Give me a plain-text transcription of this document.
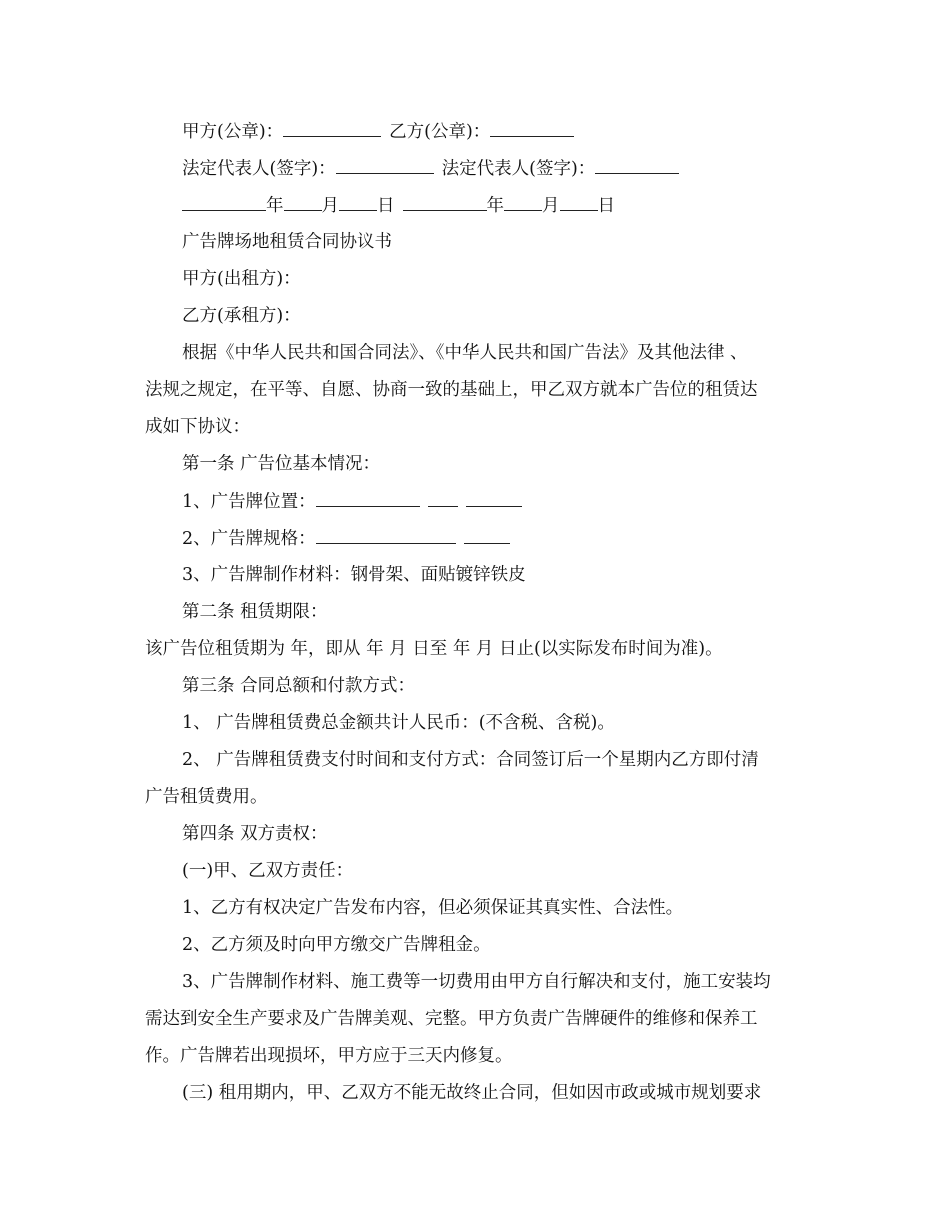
甲方(公章)：	乙方(公章)：
法定代表人(签字)：	法定代表人(签字)：
年 月 日	年 月 日
广告牌场地租赁合同协议书
甲方(出租方)：
乙方(承租方)：
根据《中华人民共和国合同法》、《中华人民共和国广告法》及其他法律 、
法规之规定，在平等、自愿、协商一致的基础上，甲乙双方就本广告位的租赁达
成如下协议：
第一条 广告位基本情况：
1、广告牌位置：
2、广告牌规格：
3、广告牌制作材料：钢骨架、面贴镀锌铁皮
第二条 租赁期限：
该广告位租赁期为 年，即从 年 月 日至 年 月 日止(以实际发布时间为准)。
第三条 合同总额和付款方式：
1、 广告牌租赁费总金额共计人民币：(不含税、含税)。
2、 广告牌租赁费支付时间和支付方式：合同签订后一个星期内乙方即付清
广告租赁费用。
第四条 双方责权：
(一)甲、乙双方责任：
1、乙方有权决定广告发布内容，但必须保证其真实性、合法性。
2、乙方须及时向甲方缴交广告牌租金。
3、广告牌制作材料、施工费等一切费用由甲方自行解决和支付，施工安装均
需达到安全生产要求及广告牌美观、完整。甲方负责广告牌硬件的维修和保养工
作。广告牌若出现损坏，甲方应于三天内修复。
(三) 租用期内，甲、乙双方不能无故终止合同，但如因市政或城市规划要求
